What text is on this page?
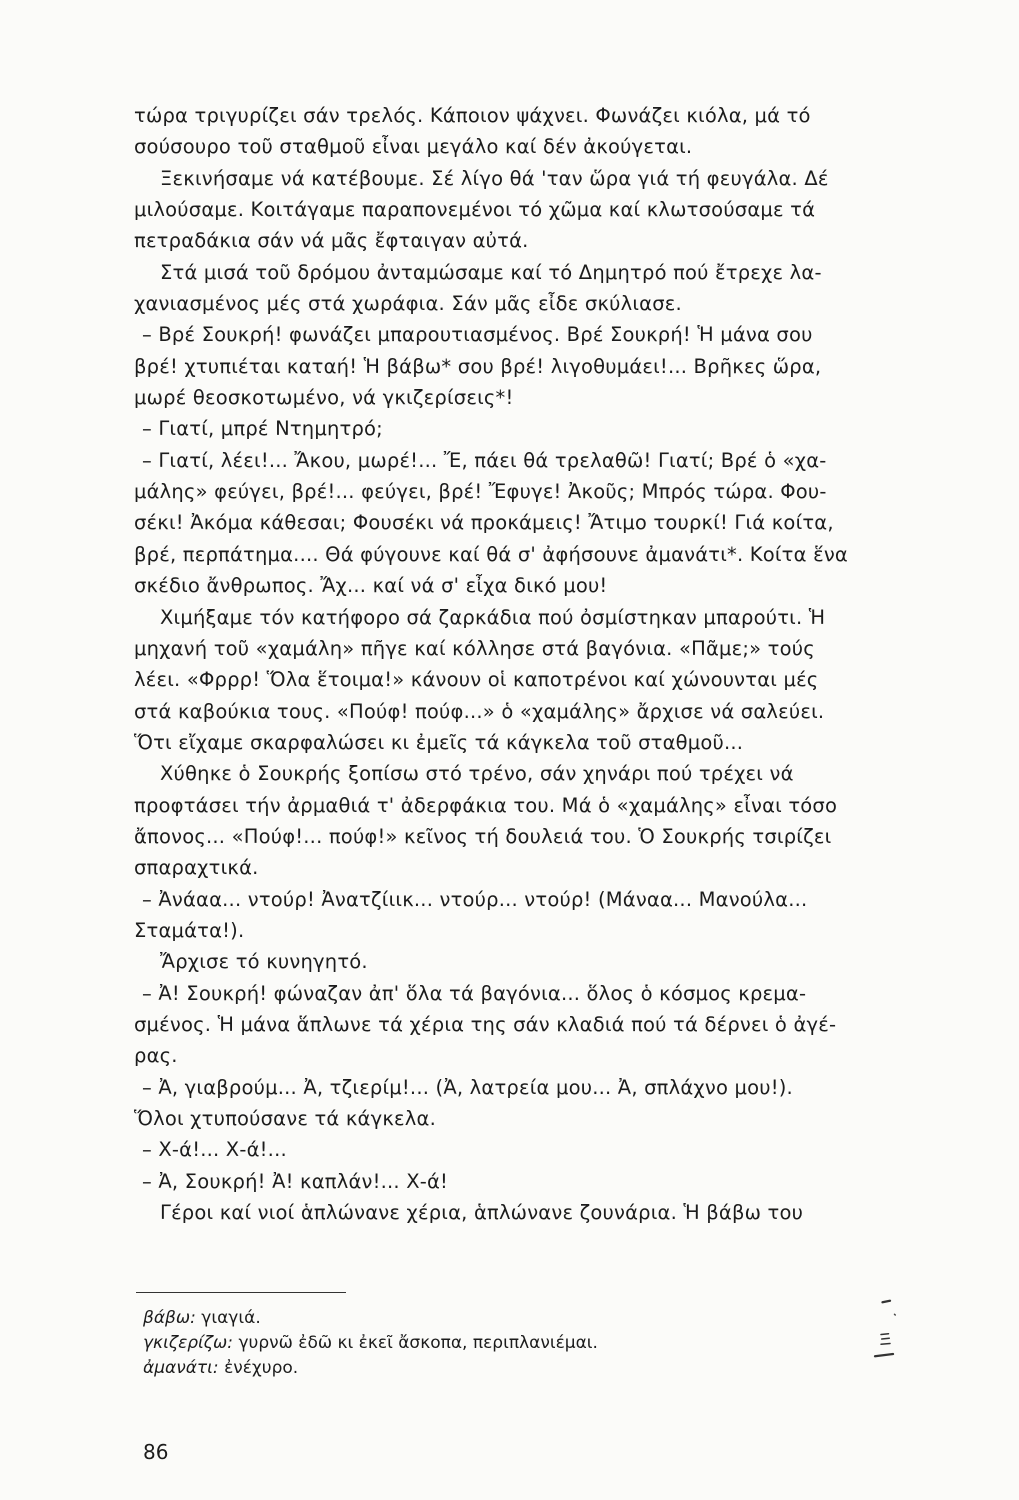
τώρα τριγυρίζει σάν τρελός. Κάποιον ψάχνει. Φωνάζει κιόλα, μά τό
σούσουρο τοῦ σταθμοῦ εἶναι μεγάλο καί δέν ἀκούγεται.
Ξεκινήσαμε νά κατέβουμε. Σέ λίγο θά 'ταν ὥρα γιά τή φευγάλα. Δέ
μιλούσαμε. Κοιτάγαμε παραπονεμένοι τό χῶμα καί κλωτσούσαμε τά
πετραδάκια σάν νά μᾶς ἔφταιγαν αὐτά.
Στά μισά τοῦ δρόμου ἀνταμώσαμε καί τό Δημητρό πού ἔτρεχε λα-
χανιασμένος μές στά χωράφια. Σάν μᾶς εἶδε σκύλιασε.
– Βρέ Σουκρή! φωνάζει μπαρουτιασμένος. Βρέ Σουκρή! Ἡ μάνα σου
βρέ! χτυπιέται καταή! Ἡ βάβω* σου βρέ! λιγοθυμάει!... Βρῆκες ὥρα,
μωρέ θεοσκοτωμένο, νά γκιζερίσεις*!
– Γιατί, μπρέ Ντημητρό;
– Γιατί, λέει!... Ἄκου, μωρέ!... Ἔ, πάει θά τρελαθῶ! Γιατί; Βρέ ὁ «χα-
μάλης» φεύγει, βρέ!... φεύγει, βρέ! Ἔφυγε! Ἀκοῦς; Μπρός τώρα. Φου-
σέκι! Ἀκόμα κάθεσαι; Φουσέκι νά προκάμεις! Ἄτιμο τουρκί! Γιά κοίτα,
βρέ, περπάτημα.... Θά φύγουνε καί θά σ' ἀφήσουνε ἀμανάτι*. Κοίτα ἕνα
σκέδιο ἄνθρωπος. Ἄχ... καί νά σ' εἶχα δικό μου!
Χιμήξαμε τόν κατήφορο σά ζαρκάδια πού ὀσμίστηκαν μπαρούτι. Ἡ
μηχανή τοῦ «χαμάλη» πῆγε καί κόλλησε στά βαγόνια. «Πᾶμε;» τούς
λέει. «Φρρρ! Ὅλα ἕτοιμα!» κάνουν οἱ καποτρένοι καί χώνουνται μές
στά καβούκια τους. «Πούφ! πούφ...» ὁ «χαμάλης» ἄρχισε νά σαλεύει.
Ὅτι εἴχαμε σκαρφαλώσει κι ἐμεῖς τά κάγκελα τοῦ σταθμοῦ...
Χύθηκε ὁ Σουκρής ξοπίσω στό τρένο, σάν χηνάρι πού τρέχει νά
προφτάσει τήν ἀρμαθιά τ' ἀδερφάκια του. Μά ὁ «χαμάλης» εἶναι τόσο
ἄπονος... «Πούφ!... πούφ!» κεῖνος τή δουλειά του. Ὁ Σουκρής τσιρίζει
σπαραχτικά.
– Ἀνάαα... ντούρ! Ἀνατζίιικ... ντούρ... ντούρ! (Μάναα... Μανούλα...
Σταμάτα!).
Ἄρχισε τό κυνηγητό.
– Ἀ! Σουκρή! φώναζαν ἀπ' ὅλα τά βαγόνια... ὅλος ὁ κόσμος κρεμα-
σμένος. Ἡ μάνα ἅπλωνε τά χέρια της σάν κλαδιά πού τά δέρνει ὁ ἀγέ-
ρας.
– Ἀ, γιαβρούμ... Ἀ, τζιερίμ!... (Ἀ, λατρεία μου... Ἀ, σπλάχνο μου!).
Ὅλοι χτυπούσανε τά κάγκελα.
– Χ-ά!... Χ-ά!...
– Ἀ, Σουκρή! Ἀ! καπλάν!... Χ-ά!
Γέροι καί νιοί ἁπλώνανε χέρια, ἁπλώνανε ζουνάρια. Ἡ βάβω του
βάβω: γιαγιά.
γκιζερίζω: γυρνῶ ἐδῶ κι ἐκεῖ ἄσκοπα, περιπλανιέμαι.
ἀμανάτι: ἐνέχυρο.
86
